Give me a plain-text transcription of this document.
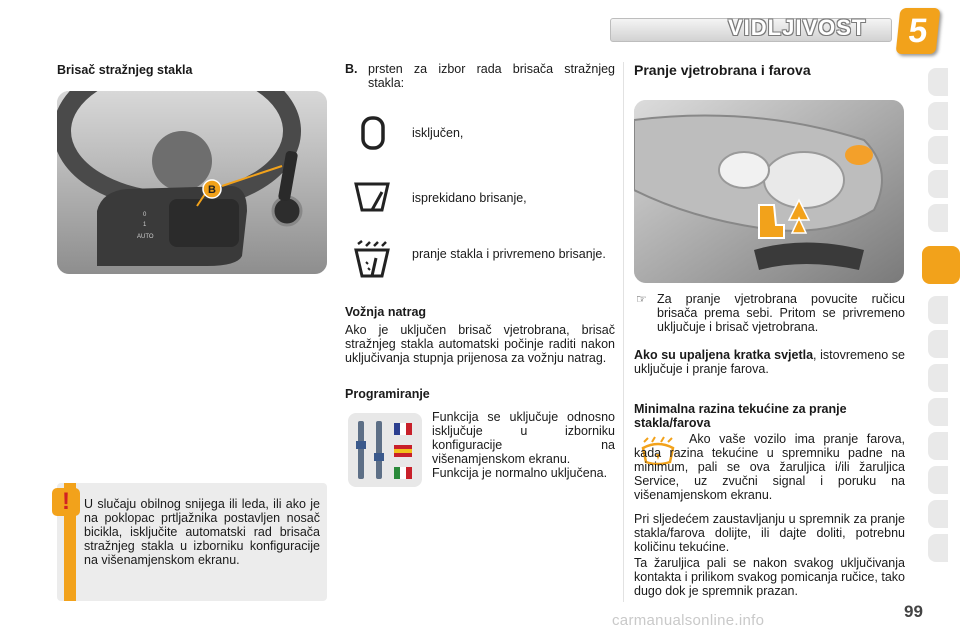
VIDLJIVOST	5
Brisač stražnjeg stakla
0
1
AUTO
B
!	U slučaju obilnog snijega ili leda, ili ako je na poklopac prtljažnika postavljen nosač bicikla, isključite automatski rad brisača stražnjeg stakla u izborniku konfiguracije na višenamjenskom ekranu.
B. prsten za izbor rada brisača stražnjeg stakla:
isključen,
isprekidano brisanje,
pranje stakla i privremeno brisanje.
Vožnja natrag
Ako je uključen brisač vjetrobrana, brisač stražnjeg stakla automatski počinje raditi nakon uključivanja stupnja prijenosa za vožnju natrag.
Programiranje
Funkcija se uključuje odnosno isključuje u izborniku konfiguracije na višenamjenskom ekranu.
Funkcija je normalno uključena.
Pranje vjetrobrana i farova
☞ Za pranje vjetrobrana povucite ručicu brisača prema sebi. Pritom se privremeno uključuje i brisač vjetrobrana.
Ako su upaljena kratka svjetla, istovremeno se uključuje i pranje farova.
Minimalna razina tekućine za pranje stakla/farova
Ako vaše vozilo ima pranje farova, kada razina tekućine u spremniku padne na minimum, pali se ova žaruljica i/ili žaruljica Service, uz zvučni signal i poruku na višenamjenskom ekranu.
Pri sljedećem zaustavljanju u spremnik za pranje stakla/farova dolijte, ili dajte doliti, potrebnu količinu tekućine.
Ta žaruljica pali se nakon svakog uključivanja kontakta i prilikom svakog pomicanja ručice, tako dugo dok je spremnik prazan.
carmanualsonline.info	99
